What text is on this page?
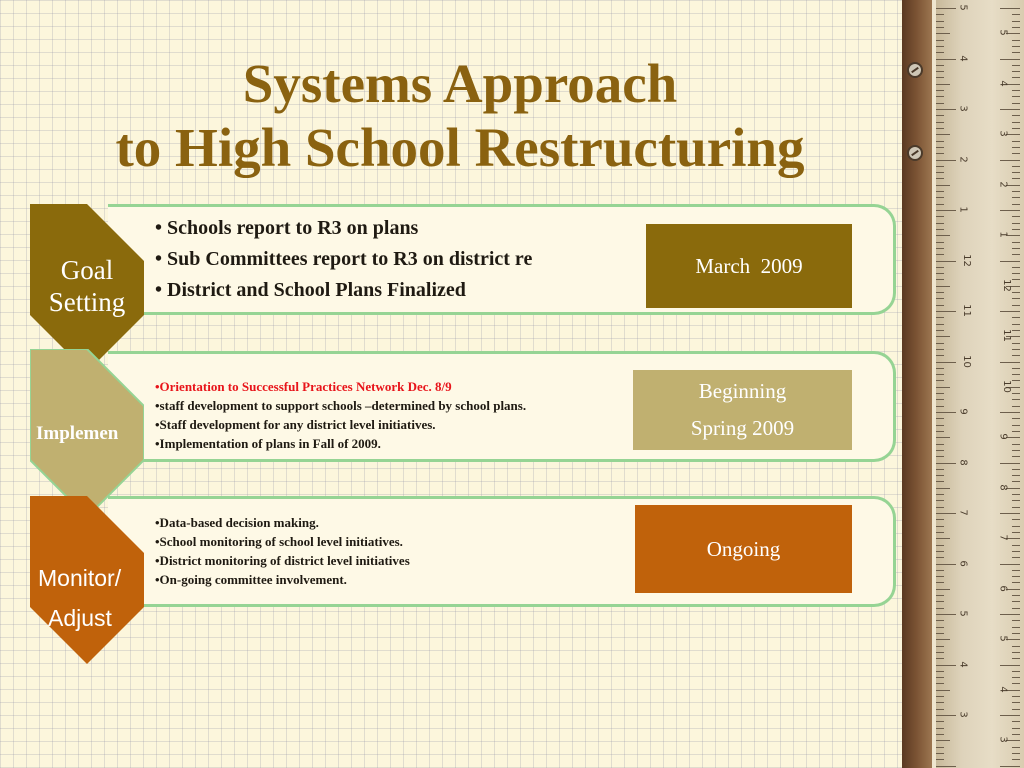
Systems Approach
to High School Restructuring
5
5
4
4
3
3
2
2
1
1
12
12
11
11
10
10
9
9
8
8
7
7
6
6
5
5
4
4
3
3
Goal
Setting
• Schools report to R3 on plans
• Sub Committees report to R3 on district re
• District and School Plans Finalized
March  2009
Implemen
•Orientation to Successful Practices Network Dec. 8/9
•staff development to support schools –determined by school plans.
•Staff development for any district level initiatives.
•Implementation of plans in Fall of 2009.
Beginning
Spring 2009
Monitor/
Adjust
•Data-based decision making.
•School monitoring of school level initiatives.
•District monitoring of district level initiatives
•On-going committee involvement.
Ongoing
